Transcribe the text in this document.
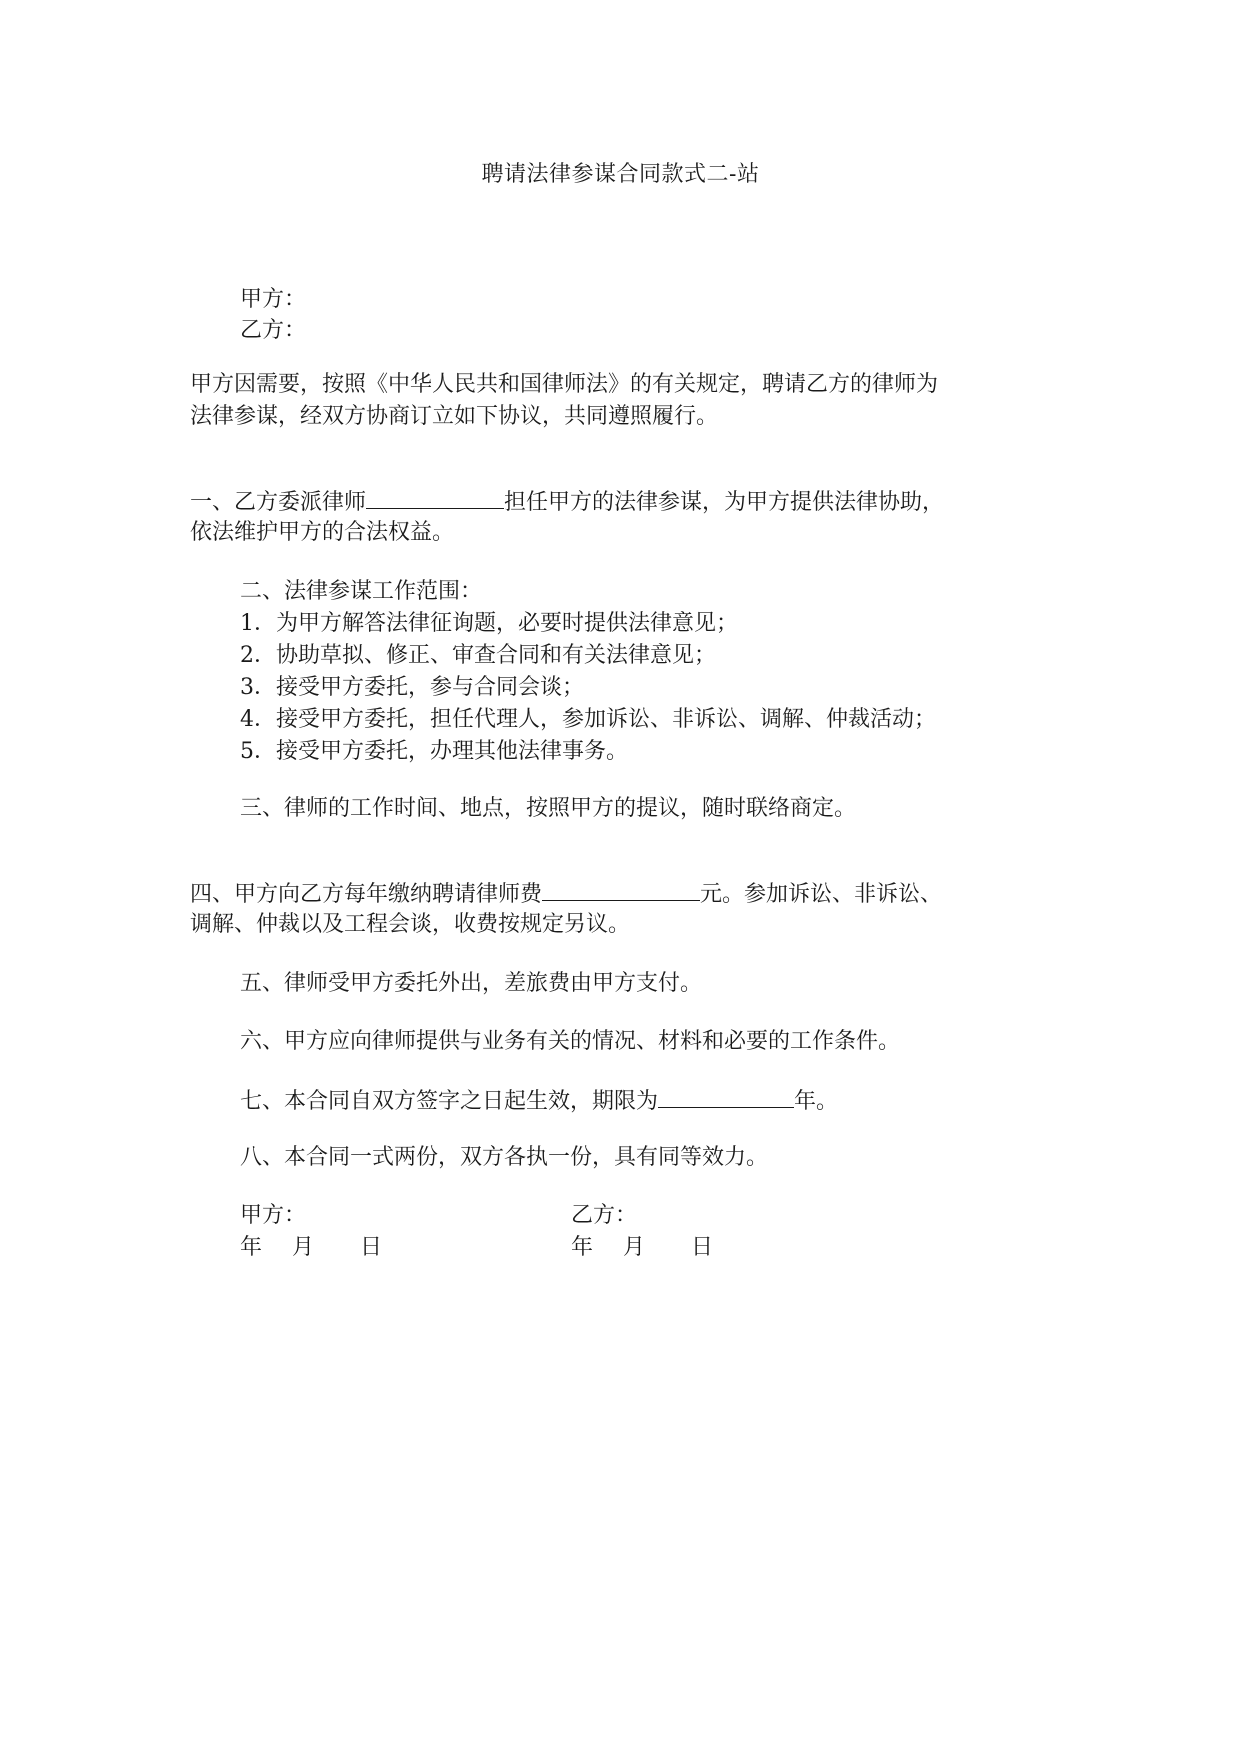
聘请法律参谋合同款式二-站
甲方：
乙方：
甲方因需要，按照《中华人民共和国律师法》的有关规定，聘请乙方的律师为
法律参谋，经双方协商订立如下协议，共同遵照履行。
一、乙方委派律师	担任甲方的法律参谋，为甲方提供法律协助，
依法维护甲方的合法权益。
二、法律参谋工作范围：
1．为甲方解答法律征询题，必要时提供法律意见；
2．协助草拟、修正、审查合同和有关法律意见；
3．接受甲方委托，参与合同会谈；
4．接受甲方委托，担任代理人，参加诉讼、非诉讼、调解、仲裁活动；
5．接受甲方委托，办理其他法律事务。
三、律师的工作时间、地点，按照甲方的提议，随时联络商定。
四、甲方向乙方每年缴纳聘请律师费	元。参加诉讼、非诉讼、
调解、仲裁以及工程会谈，收费按规定另议。
五、律师受甲方委托外出，差旅费由甲方支付。
六、甲方应向律师提供与业务有关的情况、材料和必要的工作条件。
七、本合同自双方签字之日起生效，期限为	年。
八、本合同一式两份，双方各执一份，具有同等效力。
甲方：	乙方：
年 月 日	年 月 日
